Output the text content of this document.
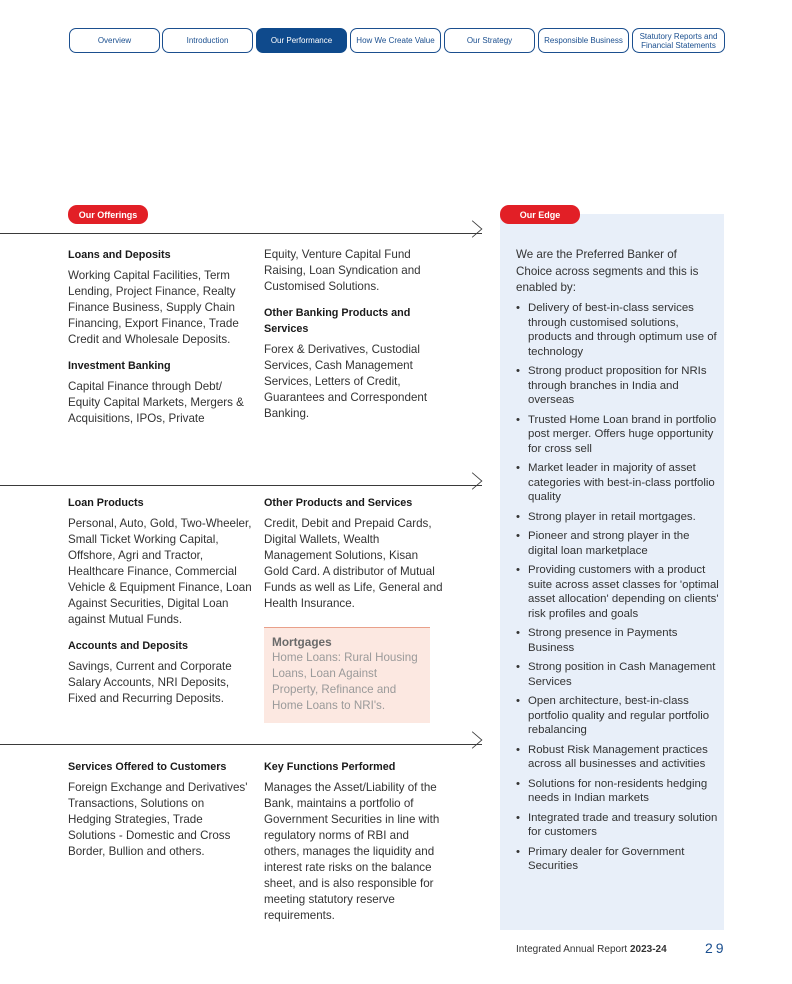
Overview	Introduction	Our Performance	How We Create Value	Our Strategy	Responsible Business	Statutory Reports and Financial Statements
Our Offerings	Our Edge
Loans and Deposits

Working Capital Facilities, Term Lending, Project Finance, Realty Finance Business, Supply Chain Financing, Export Finance, Trade Credit and Wholesale Deposits.

Investment Banking

Capital Finance through Debt/ Equity Capital Markets, Mergers & Acquisitions, IPOs, Private

Equity, Venture Capital Fund Raising, Loan Syndication and Customised Solutions.

Other Banking Products and Services

Forex & Derivatives, Custodial Services, Cash Management Services, Letters of Credit, Guarantees and Correspondent Banking.

Loan Products

Personal, Auto, Gold, Two-Wheeler, Small Ticket Working Capital, Offshore, Agri and Tractor, Healthcare Finance, Commercial Vehicle & Equipment Finance, Loan Against Securities, Digital Loan against Mutual Funds.

Accounts and Deposits

Savings, Current and Corporate Salary Accounts, NRI Deposits, Fixed and Recurring Deposits.

Other Products and Services

Credit, Debit and Prepaid Cards, Digital Wallets, Wealth Management Solutions, Kisan Gold Card. A distributor of Mutual Funds as well as Life, General and Health Insurance.

Mortgages

Home Loans: Rural Housing Loans, Loan Against Property, Refinance and Home Loans to NRI's.

Services Offered to Customers

Foreign Exchange and Derivatives' Transactions, Solutions on Hedging Strategies, Trade Solutions - Domestic and Cross Border, Bullion and others.

Key Functions Performed

Manages the Asset/Liability of the Bank, maintains a portfolio of Government Securities in line with regulatory norms of RBI and others, manages the liquidity and interest rate risks on the balance sheet, and is also responsible for meeting statutory reserve requirements.

We are the Preferred Banker of Choice across segments and this is enabled by:
• Delivery of best-in-class services through customised solutions, products and through optimum use of technology
• Strong product proposition for NRIs through branches in India and overseas
• Trusted Home Loan brand in portfolio post merger. Offers huge opportunity for cross sell
• Market leader in majority of asset categories with best-in-class portfolio quality
• Strong player in retail mortgages.
• Pioneer and strong player in the digital loan marketplace
• Providing customers with a product suite across asset classes for 'optimal asset allocation' depending on clients' risk profiles and goals
• Strong presence in Payments Business
• Strong position in Cash Management Services
• Open architecture, best-in-class portfolio quality and regular portfolio rebalancing
• Robust Risk Management practices across all businesses and activities
• Solutions for non-residents hedging needs in Indian markets
• Integrated trade and treasury solution for customers
• Primary dealer for Government Securities
Integrated Annual Report 2023-24	29
